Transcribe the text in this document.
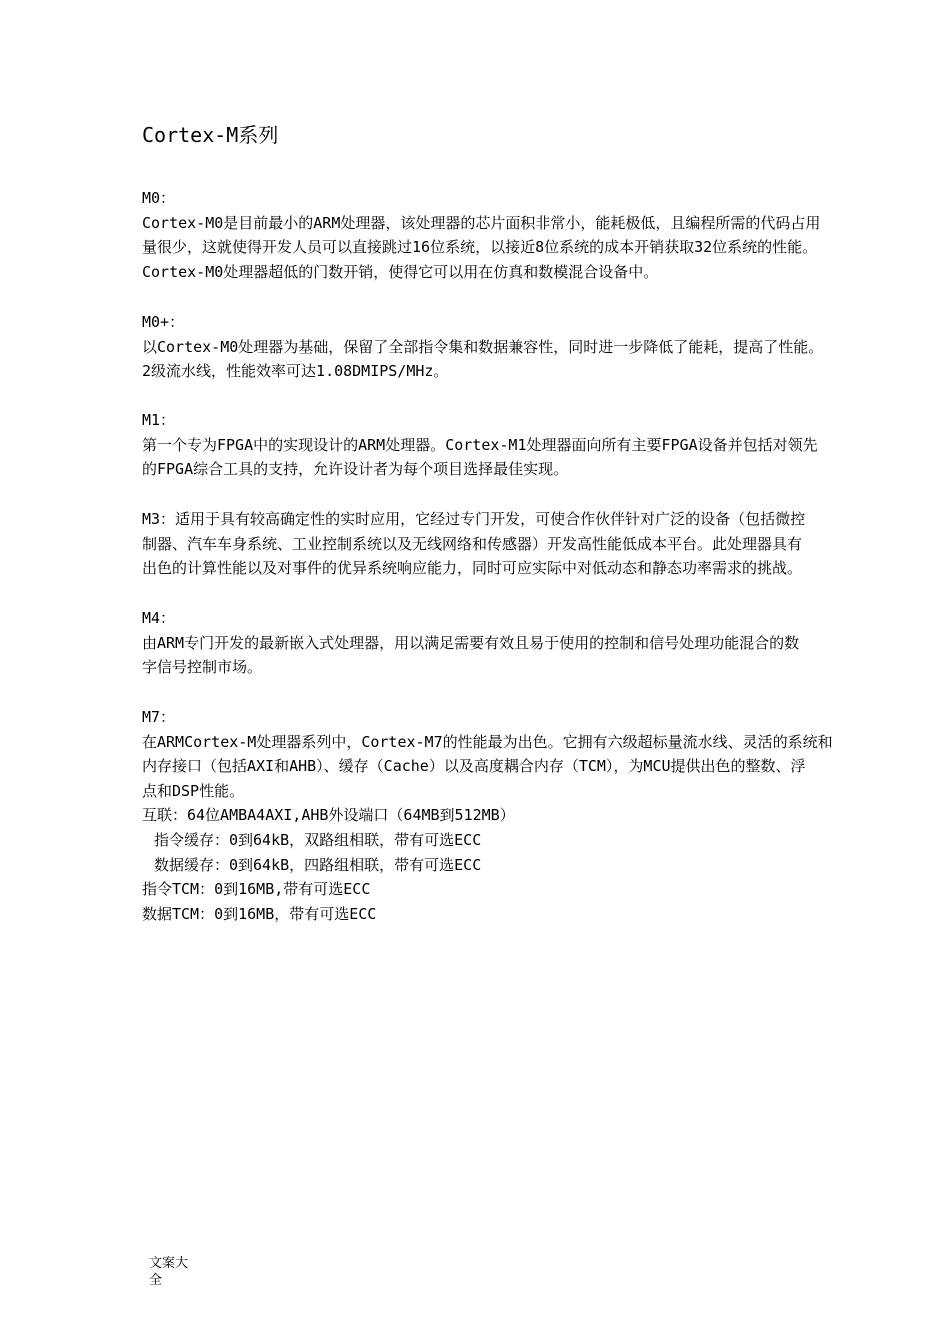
Cortex-M系列
M0：
Cortex-M0是目前最小的ARM处理器，该处理器的芯片面积非常小，能耗极低，且编程所需的代码占用
量很少，这就使得开发人员可以直接跳过16位系统，以接近8位系统的成本开销获取32位系统的性能。
Cortex-M0处理器超低的门数开销，使得它可以用在仿真和数模混合设备中。
M0+：
以Cortex-M0处理器为基础，保留了全部指令集和数据兼容性，同时进一步降低了能耗，提高了性能。
2级流水线，性能效率可达1.08DMIPS/MHz。
M1：
第一个专为FPGA中的实现设计的ARM处理器。Cortex-M1处理器面向所有主要FPGA设备并包括对领先
的FPGA综合工具的支持，允许设计者为每个项目选择最佳实现。
M3：适用于具有较高确定性的实时应用，它经过专门开发，可使合作伙伴针对广泛的设备（包括微控
制器、汽车车身系统、工业控制系统以及无线网络和传感器）开发高性能低成本平台。此处理器具有
出色的计算性能以及对事件的优异系统响应能力，同时可应实际中对低动态和静态功率需求的挑战。
M4：
由ARM专门开发的最新嵌入式处理器，用以满足需要有效且易于使用的控制和信号处理功能混合的数
字信号控制市场。
M7：
在ARMCortex-M处理器系列中，Cortex-M7的性能最为出色。它拥有六级超标量流水线、灵活的系统和
内存接口（包括AXI和AHB）、缓存（Cache）以及高度耦合内存（TCM），为MCU提供出色的整数、浮
点和DSP性能。
互联：64位AMBA4AXI,AHB外设端口（64MB到512MB）
指令缓存：0到64kB，双路组相联，带有可选ECC
数据缓存：0到64kB，四路组相联，带有可选ECC
指令TCM：0到16MB,带有可选ECC
数据TCM：0到16MB，带有可选ECC
文案大
全
